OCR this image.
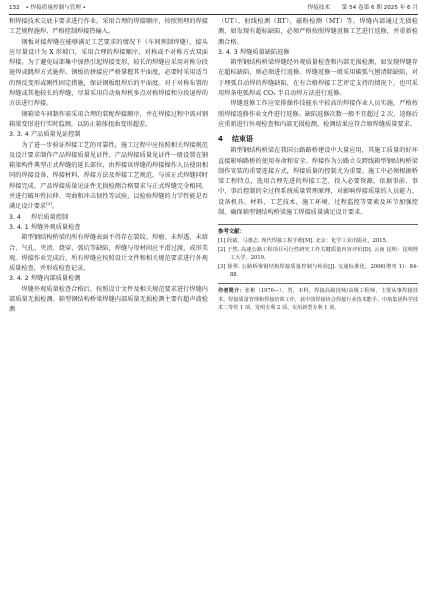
132 • 焊接质量控制与管理 •	焊接技术 第 54 卷第 6 期 2025 年 6 月

和焊接技术交底卡要求进行作业。采用合理的焊接顺序，按照预埋的焊接工艺规程施焊，严格控制焊接热输入。

钢板对接焊缝在能够满足工艺要求的情况下（车间预制焊缝），接头应尽量设计为 X 形坡口，采用合理的焊接顺序，对称或不对称方式双面焊接。为了避免局部集中加热引起焊接变形，较长的焊缝应采用对称分段退焊或跳焊方式施焊。钢板的拼接应严格掌握其平面度，必要时采用适当的预反变形或刚性固定措施，保证钢板组焊后的平面度。对于对称布置的焊缝或其他较长的焊缝，尽量采用自动角焊机多点对称焊接和分段退焊的方法进行焊接。

钢箱梁车间制作需采用合理的装配焊接顺序，并在焊接过程中需对钢箱梁变形进行实时监测，以防止箱体扭曲变形超差。

3. 3. 4 产品质量见证控制

为了进一步验证焊接工艺的可靠性，施工过程中应按照相关焊接规范及设计要求制作产品焊接质量见证件。产品焊接质量见证件一般设置在钢箱梁构件典型正式焊缝的延长部位，由焊接该焊缝的焊接操作人员使用相同的焊接设备、焊接材料、焊接方法及焊接工艺规范，与该正式焊缝同时焊接完成。产品焊接质量见证件无损检测合格要求与正式焊缝完全相同，并进行破坏性拉伸、弯曲和冲击韧性等试验，以检验焊缝的力学性能是否满足设计要求[3]。

3. 4 焊后质量控制

3. 4. 1 焊缝外观质量检查

箱型钢结构桥梁的所有焊缝表面不得存在裂纹、焊瘤、未焊透、未熔合、气孔、夹渣、烧穿、弧坑等缺陷，焊缝与母材间应平滑过渡，成形美观。焊接作业完成后，所有焊缝应按照设计文件和相关规范要求进行外观质量检查，并形成检查记录。

3. 4. 2 焊缝内部质量检测

焊缝外观质量检查合格后，按照设计文件及相关规范要求进行焊缝内部质量无损检测。箱型钢结构桥梁焊缝内部质量无损检测主要有超声波检测

（UT）、射线检测（RT）、磁粉检测（MT）等。焊缝内部通过无损检测，如发现有超标缺陷，必须严格按照焊缝返修工艺进行返修，并重新检测合格。

3. 4. 3 焊缝质量缺陷返修

箱型钢结构桥梁焊缝经外观质量检查和内部无损检测，如发现焊缝存在超标缺陷，则必须进行返修。焊缝返修一般采用碳弧气刨清除缺陷，对于埋弧自动焊的焊缝缺陷，在有合格焊接工艺评定支持的情况下，也可采用焊条电弧焊或 CO₂ 半自动焊方法进行返修。

焊缝返修工作应安排操作技能水平较高的焊接作业人员实施，严格按照焊接返修作业文件进行返修。缺陷返修次数一般不宜超过 2 次，返修后应重新进行外观检查和内部无损检测，检测结果应符合原焊缝质量要求。

4 结束语

箱型钢结构桥梁在我国公路路桥建设中大量应用，其施工质量的好坏直接影响路桥的使用寿命和安全。焊接作为公路立交跨线箱型钢结构桥梁制作安装的重要连接方式，焊接质量的控制尤为重要。施工中必须根据桥梁工程特点，选用合理先进的焊接工艺，投入必要资源，依据事前、事中、事后控制的全过程系统质量管理原理，对影响焊接质量的人员能力、设备机具、材料、工艺技术、施工环境、过程监控等要素及环节加强控制，确保箱型钢结构桥梁施工焊接质量满足设计要求。

参考文献：

[1] 段斌，马惠志. 现代焊接工程手册[M]. 北京：化学工业出版社，2015.

[2] 于然. 高速公路工程项目可行性研究工作关键质量内容评价[D]. 云南 昆明：昆明理工大学，2019.

[3] 徐翠. 公路桥梁钢结构焊接质量控制与检验[J]. 交通标准化，2006(增刊 1)：84-88.

作者简介：张彬（1970—），男，本科，焊接高级技师/高级工程师，主要从事焊接技术、焊接质量管理和焊接培训工作，获中国焊接协会焊接行业技术能手、中航集团科学技术二等奖 1 项、发明专利 2 项、实用新型专利 1 项。
